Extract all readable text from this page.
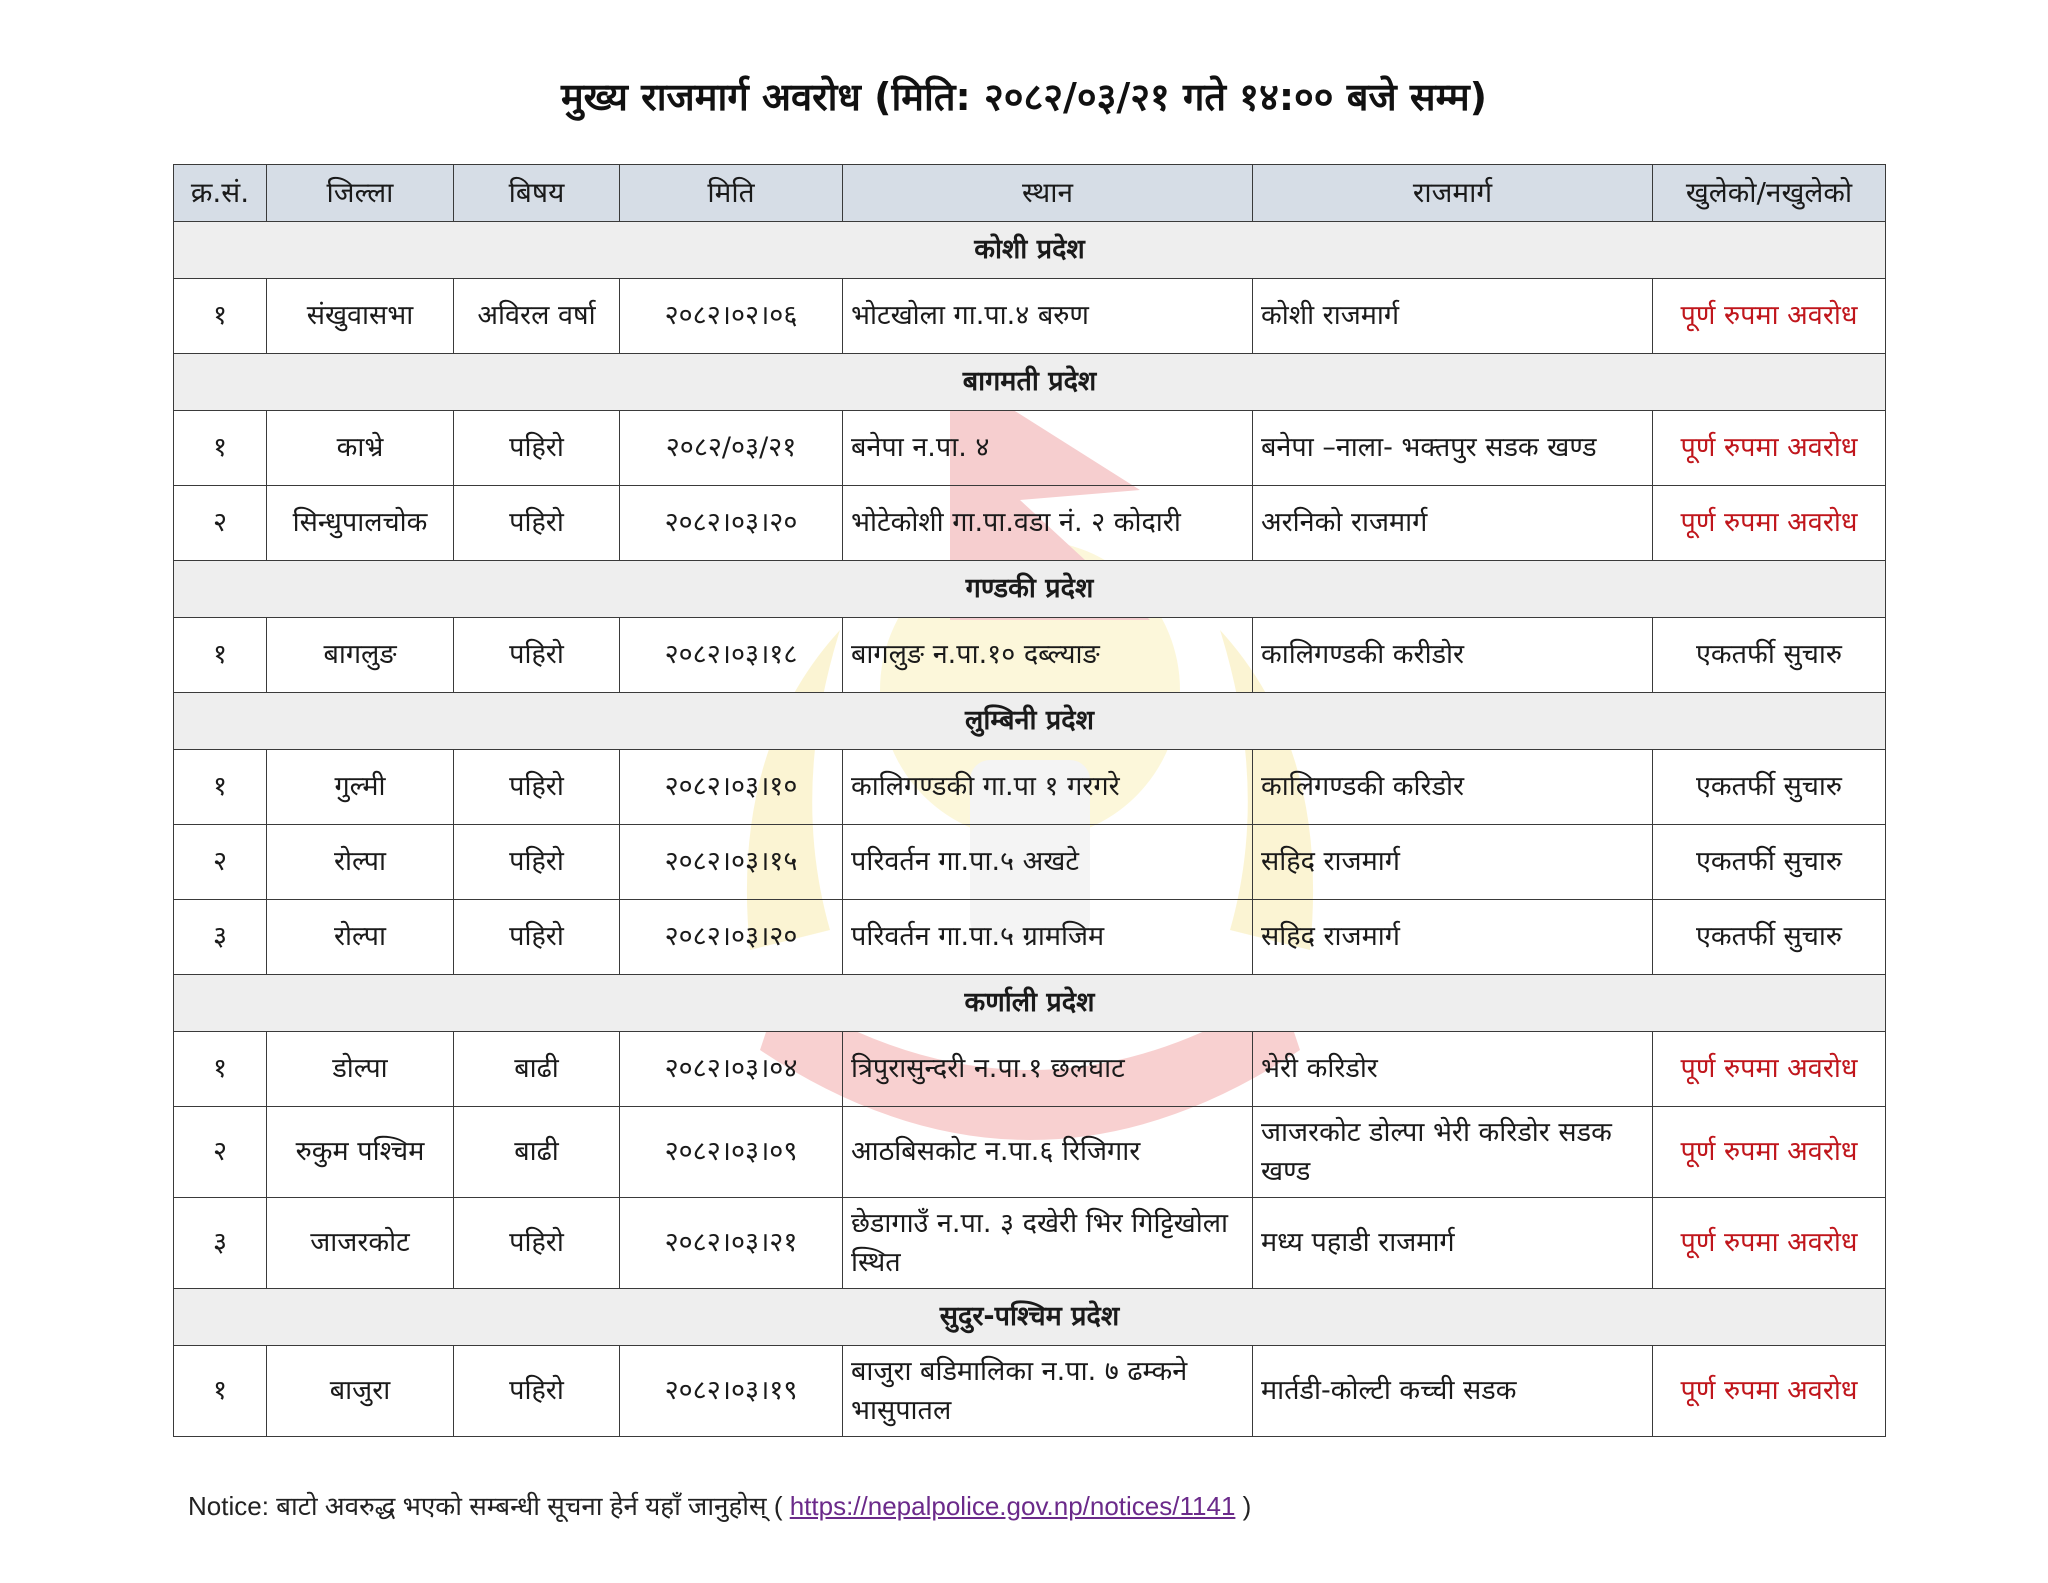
मुख्य राजमार्ग अवरोध (मिति: २०८२/०३/२१ गते १४:०० बजे सम्म)
क्र.सं.	जिल्ला	बिषय	मिति	स्थान	राजमार्ग	खुलेको/नखुलेको
कोशी प्रदेश						
१	संखुवासभा	अविरल वर्षा	२०८२।०२।०६	भोटखोला गा.पा.४ बरुण	कोशी राजमार्ग	पूर्ण रुपमा अवरोध
बागमती प्रदेश						
१	काभ्रे	पहिरो	२०८२/०३/२१	बनेपा न.पा. ४	बनेपा –नाला- भक्तपुर सडक खण्ड	पूर्ण रुपमा अवरोध
२	सिन्धुपालचोक	पहिरो	२०८२।०३।२०	भोटेकोशी गा.पा.वडा नं. २ कोदारी	अरनिको राजमार्ग	पूर्ण रुपमा अवरोध
गण्डकी प्रदेश						
१	बागलुङ	पहिरो	२०८२।०३।१८	बागलुङ न.पा.१० दब्ल्याङ	कालिगण्डकी करीडोर	एकतर्फी सुचारु
लुम्बिनी प्रदेश						
१	गुल्मी	पहिरो	२०८२।०३।१०	कालिगण्डकी गा.पा १ गरगरे	कालिगण्डकी करिडोर	एकतर्फी सुचारु
२	रोल्पा	पहिरो	२०८२।०३।१५	परिवर्तन गा.पा.५ अखटे	सहिद राजमार्ग	एकतर्फी सुचारु
३	रोल्पा	पहिरो	२०८२।०३।२०	परिवर्तन गा.पा.५ ग्रामजिम	सहिद राजमार्ग	एकतर्फी सुचारु
कर्णाली प्रदेश						
१	डोल्पा	बाढी	२०८२।०३।०४	त्रिपुरासुन्दरी न.पा.१ छलघाट	भेरी करिडोर	पूर्ण रुपमा अवरोध
२	रुकुम पश्चिम	बाढी	२०८२।०३।०९	आठबिसकोट न.पा.६ रिजिगार	जाजरकोट डोल्पा भेरी करिडोर सडक खण्ड	पूर्ण रुपमा अवरोध
३	जाजरकोट	पहिरो	२०८२।०३।२१	छेडागाउँ न.पा. ३ दखेरी भिर गिट्टिखोला स्थित	मध्य पहाडी राजमार्ग	पूर्ण रुपमा अवरोध
सुदुर-पश्चिम प्रदेश						
१	बाजुरा	पहिरो	२०८२।०३।१९	बाजुरा बडिमालिका न.पा. ७ ढम्कने भासुपातल	मार्तडी-कोल्टी कच्ची सडक	पूर्ण रुपमा अवरोध
Notice: बाटो अवरुद्ध भएको सम्बन्धी सूचना हेर्न यहाँ जानुहोस् ( https://nepalpolice.gov.np/notices/1141 )
